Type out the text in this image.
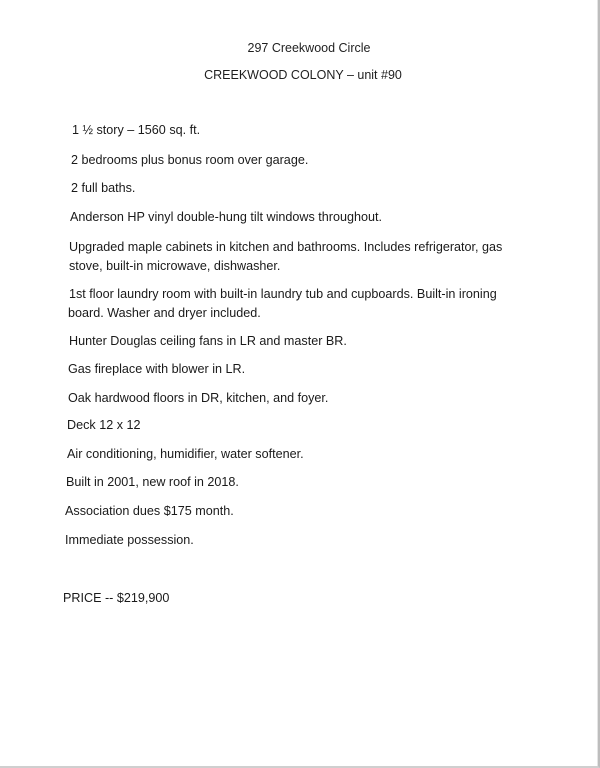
297 Creekwood Circle
CREEKWOOD COLONY – unit #90
1 ½ story – 1560 sq. ft.
2 bedrooms plus bonus room over garage.
2 full baths.
Anderson HP vinyl double-hung tilt windows throughout.
Upgraded maple cabinets in kitchen and bathrooms. Includes refrigerator, gas
stove, built-in microwave, dishwasher.
1st floor laundry room with built-in laundry tub and cupboards. Built-in ironing
board. Washer and dryer included.
Hunter Douglas ceiling fans in LR and master BR.
Gas fireplace with blower in LR.
Oak hardwood floors in DR, kitchen, and foyer.
Deck 12 x 12
Air conditioning, humidifier, water softener.
Built in 2001, new roof in 2018.
Association dues $175 month.
Immediate possession.
PRICE -- $219,900
